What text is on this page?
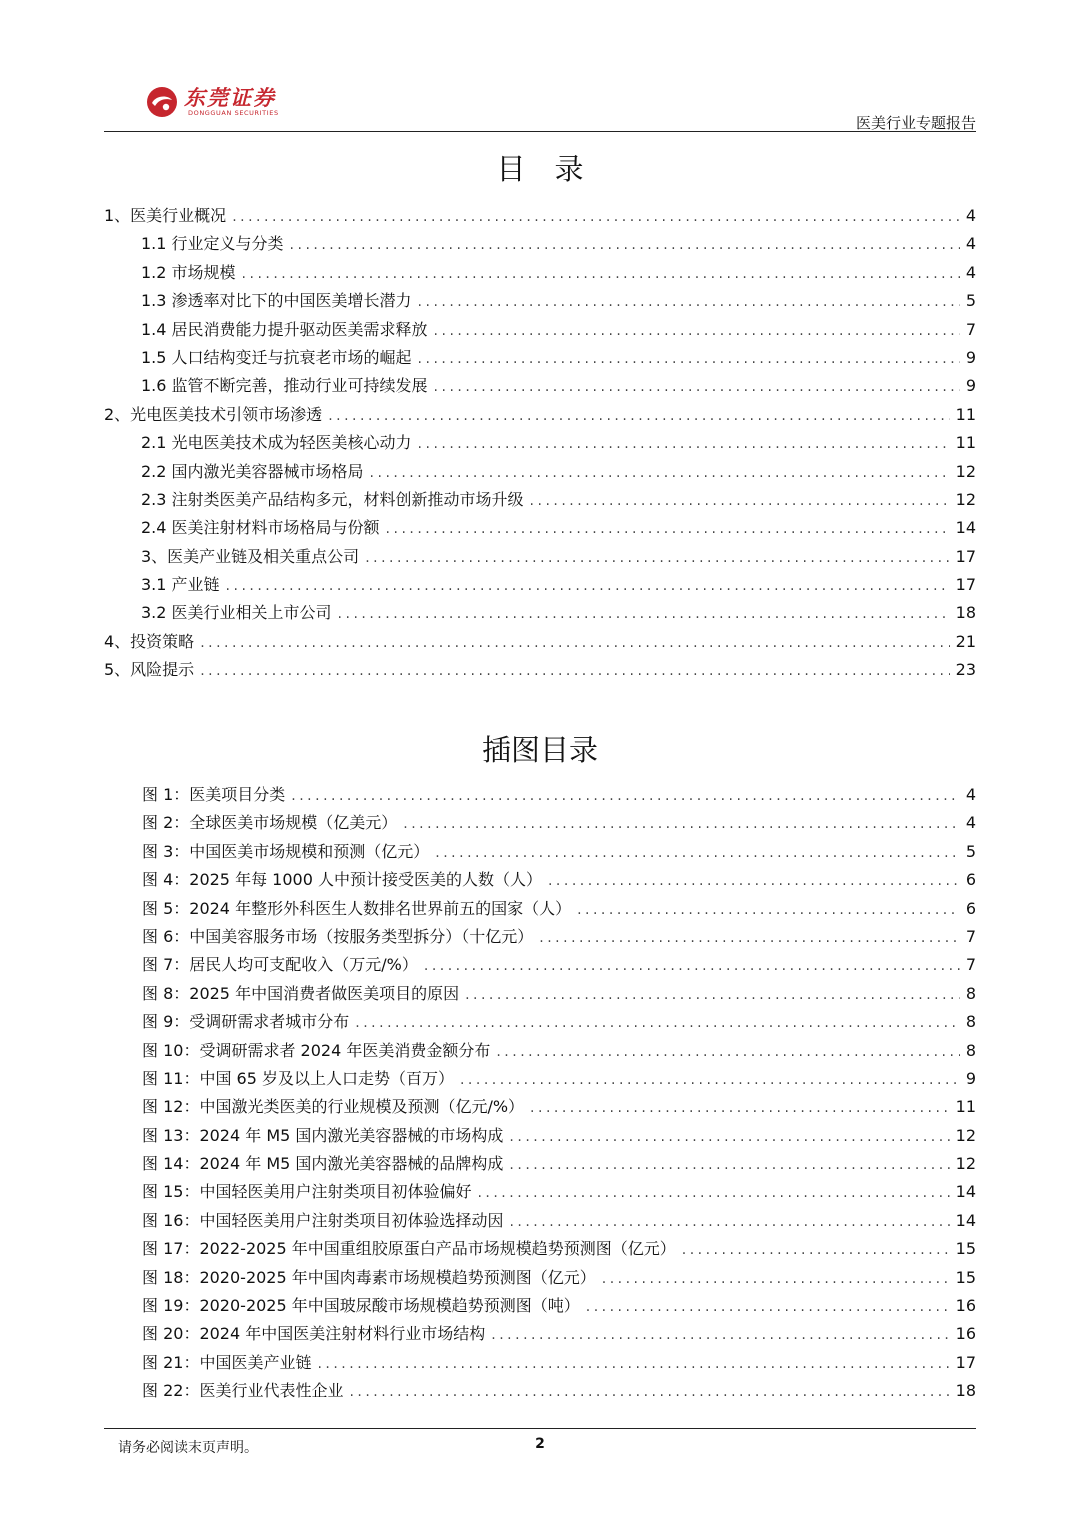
东莞证券
DONGGUAN SECURITIES
医美行业专题报告
目　录
1、医美行业概况 .....	4
1.1 行业定义与分类 .....	4
1.2 市场规模 .....	4
1.3 渗透率对比下的中国医美增长潜力 .....	5
1.4 居民消费能力提升驱动医美需求释放 .....	7
1.5 人口结构变迁与抗衰老市场的崛起 .....	9
1.6 监管不断完善，推动行业可持续发展 .....	9
2、光电医美技术引领市场渗透 .....	11
2.1 光电医美技术成为轻医美核心动力 .....	11
2.2 国内激光美容器械市场格局 .....	12
2.3 注射类医美产品结构多元，材料创新推动市场升级 .....	12
2.4 医美注射材料市场格局与份额 .....	14
3、医美产业链及相关重点公司 .....	17
3.1 产业链 .....	17
3.2 医美行业相关上市公司 .....	18
4、投资策略 .....	21
5、风险提示 .....	23
插图目录
图 1：医美项目分类 .....	4
图 2：全球医美市场规模（亿美元） .....	4
图 3：中国医美市场规模和预测（亿元） .....	5
图 4：2025 年每 1000 人中预计接受医美的人数（人） .....	6
图 5：2024 年整形外科医生人数排名世界前五的国家（人） .....	6
图 6：中国美容服务市场（按服务类型拆分）（十亿元） .....	7
图 7：居民人均可支配收入（万元/%） .....	7
图 8：2025 年中国消费者做医美项目的原因 .....	8
图 9：受调研需求者城市分布 .....	8
图 10：受调研需求者 2024 年医美消费金额分布 .....	8
图 11：中国 65 岁及以上人口走势（百万） .....	9
图 12：中国激光类医美的行业规模及预测（亿元/%） .....	11
图 13：2024 年 M5 国内激光美容器械的市场构成 .....	12
图 14：2024 年 M5 国内激光美容器械的品牌构成 .....	12
图 15：中国轻医美用户注射类项目初体验偏好 .....	14
图 16：中国轻医美用户注射类项目初体验选择动因 .....	14
图 17：2022-2025 年中国重组胶原蛋白产品市场规模趋势预测图（亿元） .....	15
图 18：2020-2025 年中国肉毒素市场规模趋势预测图（亿元） .....	15
图 19：2020-2025 年中国玻尿酸市场规模趋势预测图（吨） .....	16
图 20：2024 年中国医美注射材料行业市场结构 .....	16
图 21：中国医美产业链 .....	17
图 22：医美行业代表性企业 .....	18
请务必阅读末页声明。	2
